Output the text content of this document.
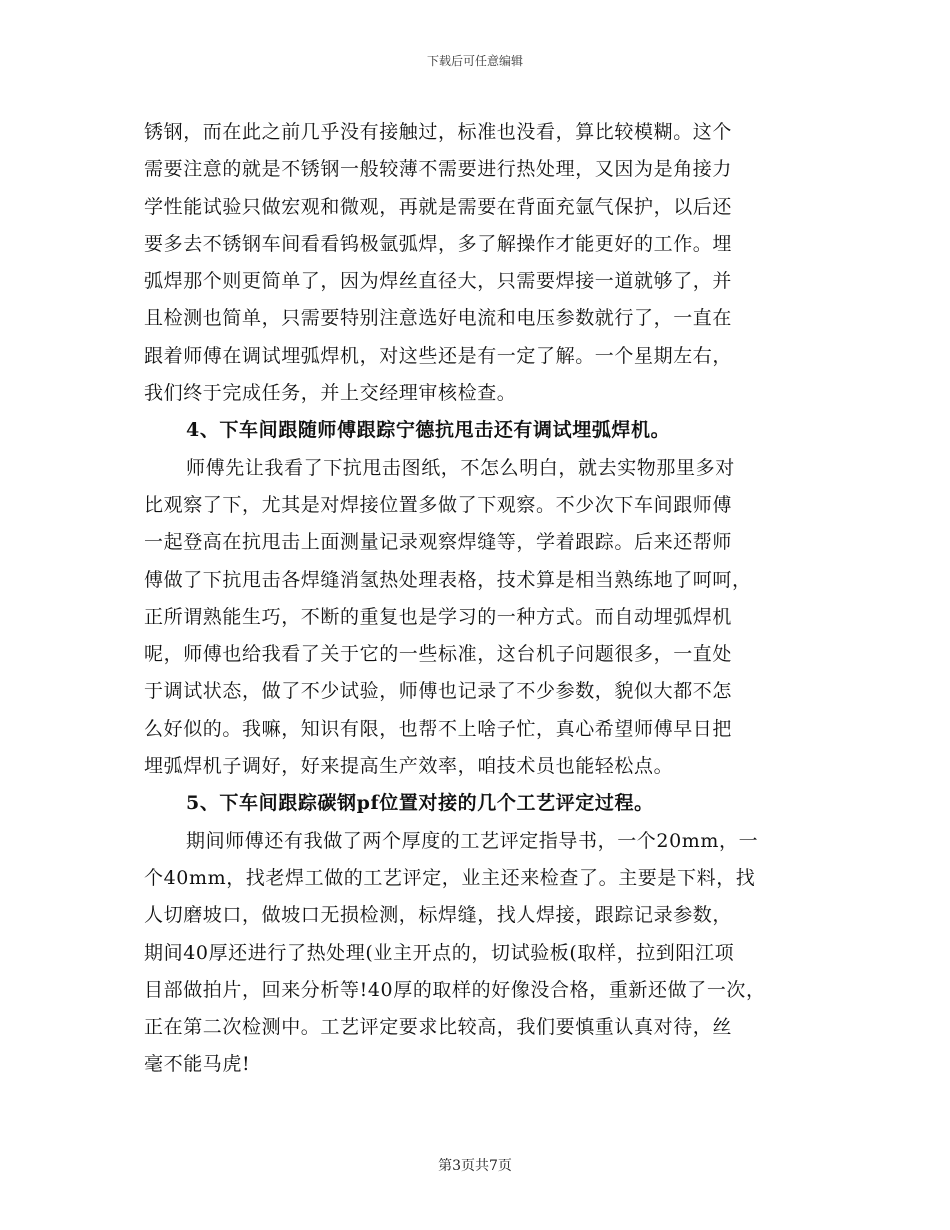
下载后可任意编辑
锈钢，而在此之前几乎没有接触过，标准也没看，算比较模糊。这个
需要注意的就是不锈钢一般较薄不需要进行热处理，又因为是角接力
学性能试验只做宏观和微观，再就是需要在背面充氩气保护，以后还
要多去不锈钢车间看看钨极氩弧焊，多了解操作才能更好的工作。埋
弧焊那个则更简单了，因为焊丝直径大，只需要焊接一道就够了，并
且检测也简单，只需要特别注意选好电流和电压参数就行了，一直在
跟着师傅在调试埋弧焊机，对这些还是有一定了解。一个星期左右，
我们终于完成任务，并上交经理审核检查。
4、下车间跟随师傅跟踪宁德抗甩击还有调试埋弧焊机。
师傅先让我看了下抗甩击图纸，不怎么明白，就去实物那里多对
比观察了下，尤其是对焊接位置多做了下观察。不少次下车间跟师傅
一起登高在抗甩击上面测量记录观察焊缝等，学着跟踪。后来还帮师
傅做了下抗甩击各焊缝消氢热处理表格，技术算是相当熟练地了呵呵，
正所谓熟能生巧，不断的重复也是学习的一种方式。而自动埋弧焊机
呢，师傅也给我看了关于它的一些标准，这台机子问题很多，一直处
于调试状态，做了不少试验，师傅也记录了不少参数，貌似大都不怎
么好似的。我嘛，知识有限，也帮不上啥子忙，真心希望师傅早日把
埋弧焊机子调好，好来提高生产效率，咱技术员也能轻松点。
5、下车间跟踪碳钢pf位置对接的几个工艺评定过程。
期间师傅还有我做了两个厚度的工艺评定指导书，一个20mm，一
个40mm，找老焊工做的工艺评定，业主还来检查了。主要是下料，找
人切磨坡口，做坡口无损检测，标焊缝，找人焊接，跟踪记录参数，
期间40厚还进行了热处理(业主开点的，切试验板(取样，拉到阳江项
目部做拍片，回来分析等!40厚的取样的好像没合格，重新还做了一次，
正在第二次检测中。工艺评定要求比较高，我们要慎重认真对待，丝
毫不能马虎!
第3页共7页
